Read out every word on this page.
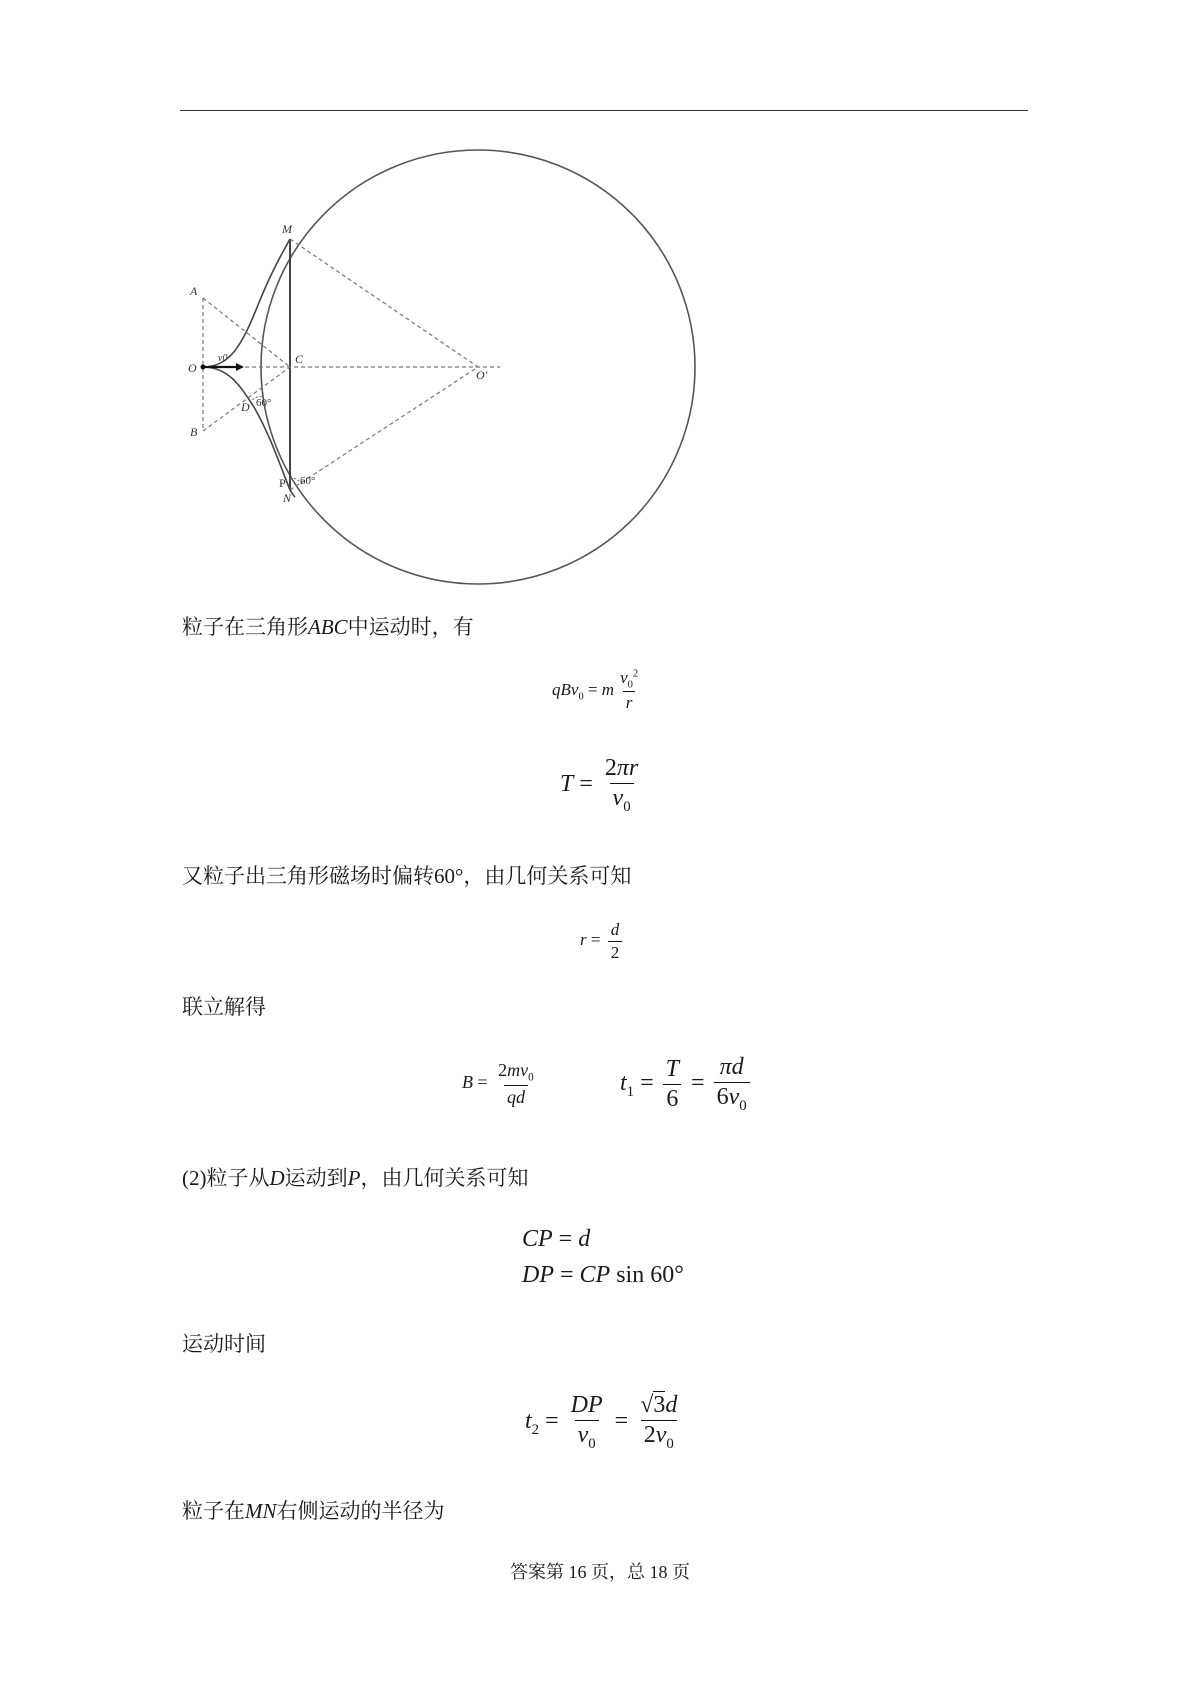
M
A
O
C
O′
B
D
P
N
v0
60°
60°
粒子在三角形ABC中运动时，有
qBv$_0$ = m $\frac{v_0^2}{r}$
$T = \frac{2\pi r}{v_0}$
又粒子出三角形磁场时偏转60°，由几何关系可知
$r = \frac{d}{2}$
联立解得
$B = \frac{2mv_0}{qd}$	$t_1 = \frac{T}{6} = \frac{\pi d}{6v_0}$
(2)粒子从D运动到P，由几何关系可知
CP = d
DP = CP sin 60°
运动时间
$t_2 = \frac{DP}{v_0} = \frac{√3d}{2v_0}$
粒子在MN右侧运动的半径为
答案第 16 页，总 18 页
